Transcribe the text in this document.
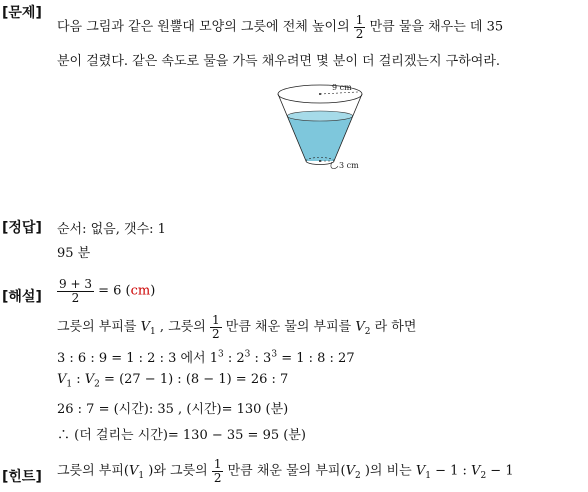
[문제]
다음 그림과 같은 원뿔대 모양의 그릇에 전체 높이의 $\frac{1}{2}$ 만큼 물을 채우는 데 35
분이 걸렸다. 같은 속도로 물을 가득 채우려면 몇 분이 더 걸리겠는지 구하여라.
9 cm
3 cm
[정답] 순서: 없음, 갯수: 1
95 분
[해설] $\frac{9 + 3}{2} = 6$ (cm)
그릇의 부피를 $V_1$ , 그릇의 $\frac{1}{2}$ 만큼 채운 물의 부피를 $V_2$ 라 하면
3 : 6 : 9 = 1 : 2 : 3 에서 $1^3$ : $2^3$ : $3^3 = 1$ : 8 : 27
$V_1$ : $V_2 = (27 - 1)$ : (8 − 1) = 26 : 7
26 : 7 = (시간): 35 , (시간)= 130 (분)
∴ (더 걸리는 시간)= 130 − 35 = 95 (분)
[힌트] 그릇의 부피($V_1$ )와 그릇의 $\frac{1}{2}$ 만큼 채운 물의 부피($V_2$ )의 비는 $V_1 - 1$ : $V_2 - 1$
